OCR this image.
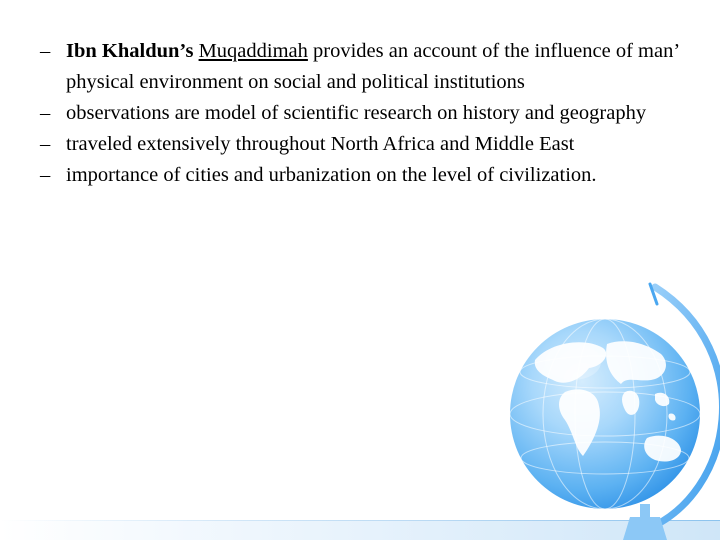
– Ibn Khaldun’s Muqaddimah provides an account of the influence of man’ physical environment on social and political institutions
– observations are model of scientific research on history and geography
– traveled extensively throughout North Africa and Middle East
– importance of cities and urbanization on the level of civilization.
